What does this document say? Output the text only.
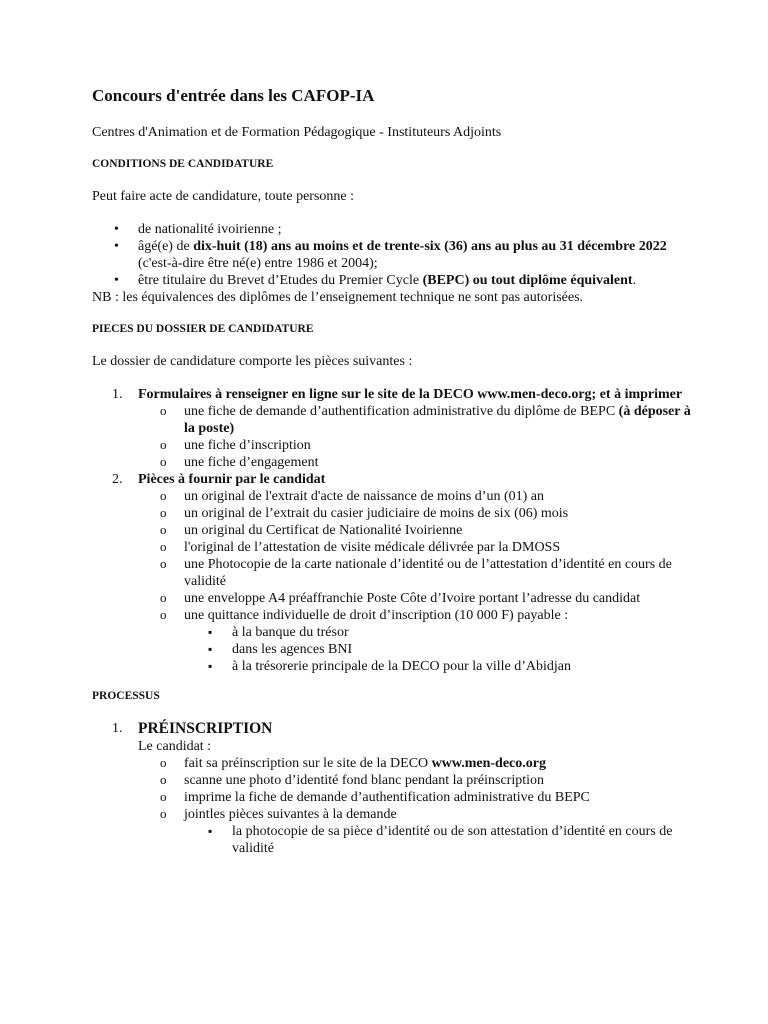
Concours d'entrée dans les CAFOP-IA
Centres d'Animation et de Formation Pédagogique - Instituteurs Adjoints
CONDITIONS DE CANDIDATURE

Peut faire acte de candidature, toute personne :

• de nationalité ivoirienne ;
• âgé(e) de dix-huit (18) ans au moins et de trente-six (36) ans au plus au 31 décembre 2022 (c'est-à-dire être né(e) entre 1986 et 2004);
• être titulaire du Brevet d’Etudes du Premier Cycle (BEPC) ou tout diplôme équivalent.

NB : les équivalences des diplômes de l’enseignement technique ne sont pas autorisées.

PIECES DU DOSSIER DE CANDIDATURE

Le dossier de candidature comporte les pièces suivantes :

1. Formulaires à renseigner en ligne sur le site de la DECO www.men-deco.org; et à imprimer
o une fiche de demande d’authentification administrative du diplôme de BEPC (à déposer à la poste)
o une fiche d’inscription
o une fiche d’engagement
2. Pièces à fournir par le candidat
o un original de l'extrait d'acte de naissance de moins d’un (01) an
o un original de l’extrait du casier judiciaire de moins de six (06) mois
o un original du Certificat de Nationalité Ivoirienne
o l'original de l’attestation de visite médicale délivrée par la DMOSS
o une Photocopie de la carte nationale d’identité ou de l’attestation d’identité en cours de validité
o une enveloppe A4 préaffranchie Poste Côte d’Ivoire portant l’adresse du candidat
o une quittance individuelle de droit d’inscription (10 000 F) payable :
▪ à la banque du trésor
▪ dans les agences BNI
▪ à la trésorerie principale de la DECO pour la ville d’Abidjan
PROCESSUS
1. PRÉINSCRIPTION
Le candidat :
o fait sa préinscription sur le site de la DECO www.men-deco.org
o scanne une photo d’identité fond blanc pendant la préinscription
o imprime la fiche de demande d’authentification administrative du BEPC
o jointles pièces suivantes à la demande
▪ la photocopie de sa pièce d’identité ou de son attestation d’identité en cours de validité
